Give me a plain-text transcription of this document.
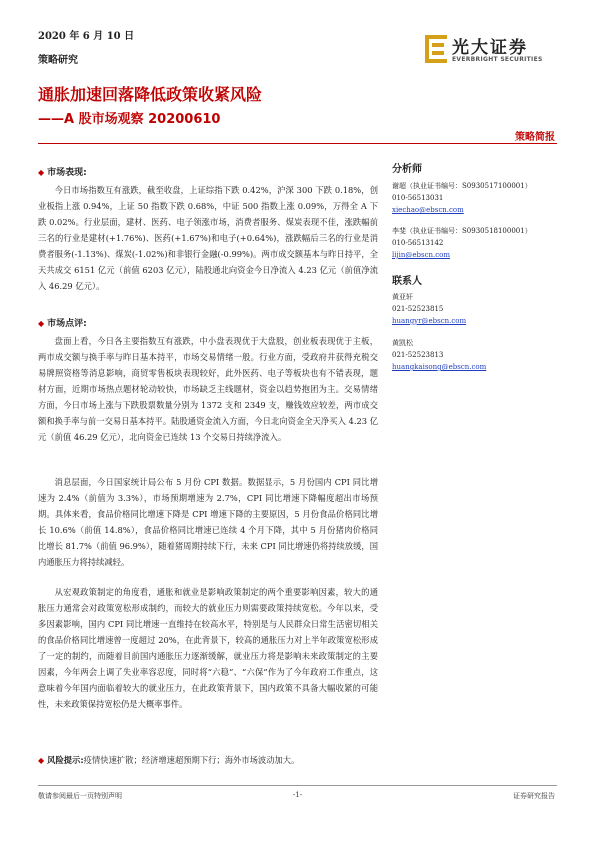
2020 年 6 月 10 日
策略研究
通胀加速回落降低政策收紧风险
——A 股市场观察 20200610
光大证券
EVERBRIGHT SECURITIES
策略简报
◆ 市场表现:

今日市场指数互有涨跌，截至收盘，上证综指下跌 0.42%，沪深 300 下跌 0.18%，创业板指上涨 0.94%，上证 50 指数下跌 0.68%，中证 500 指数上涨 0.09%，万得全 A 下跌 0.02%。行业层面，建材、医药、电子领涨市场，消费者服务、煤炭表现不佳，涨跌幅前三名的行业是建材(+1.76%)、医药(+1.67%)和电子(+0.64%)，涨跌幅后三名的行业是消费者服务(-1.13%)、煤炭(-1.02%)和非银行金融(-0.99%)。两市成交额基本与昨日持平，全天共成交 6151 亿元（前值 6203 亿元），陆股通北向资金今日净流入 4.23 亿元（前值净流入 46.29 亿元）。

◆ 市场点评:

盘面上看，今日各主要指数互有涨跌，中小盘表现优于大盘股，创业板表现优于主板，两市成交额与换手率与昨日基本持平，市场交易情绪一般。行业方面，受政府井获得充税交易牌照资格等消息影响，商贸零售板块表现较好，此外医药、电子等板块也有不错表现，题材方面，近期市场热点题材轮动较快，市场缺乏主线题材，资金以趋势抱团为主。交易情绪方面，今日市场上涨与下跌股票数量分别为 1372 支和 2349 支，赚钱效应较差，两市成交额和换手率与前一交易日基本持平。陆股通资金流入方面，今日北向资金全天净买入 4.23 亿元（前值 46.29 亿元），北向资金已连续 13 个交易日持续净流入。

消息层面，今日国家统计局公布 5 月份 CPI 数据。数据显示，5 月份国内 CPI 同比增速为 2.4%（前值为 3.3%），市场预期增速为 2.7%，CPI 同比增速下降幅度超出市场预期。具体来看，食品价格同比增速下降是 CPI 增速下降的主要原因，5 月份食品价格同比增长 10.6%（前值 14.8%），食品价格同比增速已连续 4 个月下降，其中 5 月份猪肉价格同比增长 81.7%（前值 96.9%），随着猪周期持续下行，未来 CPI 同比增速仍将持续放缓，国内通胀压力将持续减轻。

从宏观政策制定的角度看，通胀和就业是影响政策制定的两个重要影响因素，较大的通胀压力通常会对政策宽松形成制约，而较大的就业压力则需要政策持续宽松。今年以来，受多因素影响，国内 CPI 同比增速一直维持在较高水平，特别是与人民群众日常生活密切相关的食品价格同比增速曾一度超过 20%，在此背景下，较高的通胀压力对上半年政策宽松形成了一定的制约，而随着目前国内通胀压力逐渐缓解，就业压力将是影响未来政策制定的主要因素，今年两会上调了失业率容忍度，同时将“六稳”、“六保”作为了今年政府工作重点，这意味着今年国内面临着较大的就业压力，在此政策背景下，国内政策不具备大幅收紧的可能性，未来政策保持宽松仍是大概率事件。

◆ 风险提示:疫情快速扩散；经济增速超预期下行；海外市场波动加大。
分析师
谢超（执业证书编号：S0930517100001）
010-56513031
xiechao@ebscn.com
李斐（执业证书编号：S0930518100001）
010-56513142
lijin@ebscn.com
联系人
黄亚轩
021-52523815
huangyr@ebscn.com
黄凯松
021-52523813
huangkaisong@ebscn.com
敬请参阅最后一页特别声明	-1-	证券研究报告
